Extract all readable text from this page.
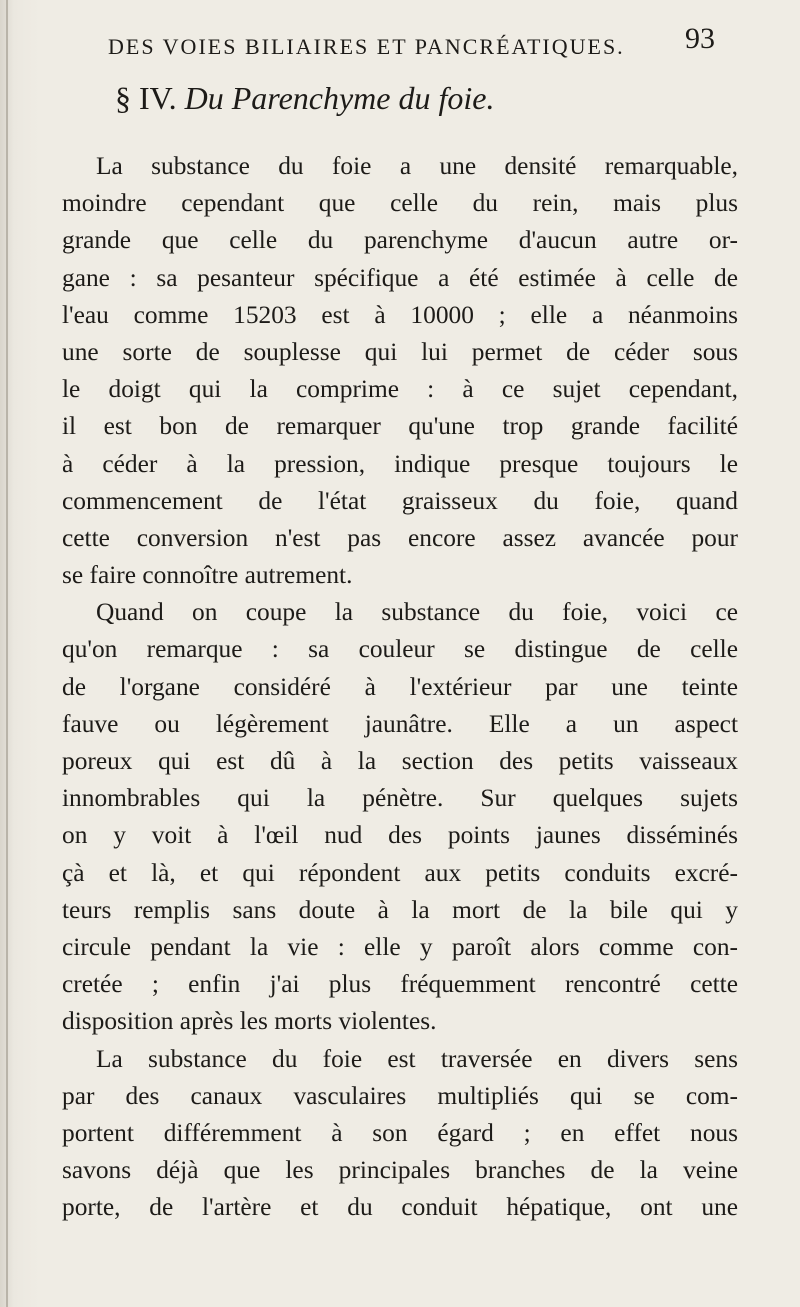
DES VOIES BILIAIRES ET PANCRÉATIQUES.	93
§ IV. Du Parenchyme du foie.
La substance du foie a une densité remarquable,
moindre cependant que celle du rein, mais plus
grande que celle du parenchyme d'aucun autre or-
gane : sa pesanteur spécifique a été estimée à celle de
l'eau comme 15203 est à 10000 ; elle a néanmoins
une sorte de souplesse qui lui permet de céder sous
le doigt qui la comprime : à ce sujet cependant,
il est bon de remarquer qu'une trop grande facilité
à céder à la pression, indique presque toujours le
commencement de l'état graisseux du foie, quand
cette conversion n'est pas encore assez avancée pour
se faire connoître autrement.
Quand on coupe la substance du foie, voici ce
qu'on remarque : sa couleur se distingue de celle
de l'organe considéré à l'extérieur par une teinte
fauve ou légèrement jaunâtre. Elle a un aspect
poreux qui est dû à la section des petits vaisseaux
innombrables qui la pénètre. Sur quelques sujets
on y voit à l'œil nud des points jaunes disséminés
çà et là, et qui répondent aux petits conduits excré-
teurs remplis sans doute à la mort de la bile qui y
circule pendant la vie : elle y paroît alors comme con-
cretée ; enfin j'ai plus fréquemment rencontré cette
disposition après les morts violentes.
La substance du foie est traversée en divers sens
par des canaux vasculaires multipliés qui se com-
portent différemment à son égard ; en effet nous
savons déjà que les principales branches de la veine
porte, de l'artère et du conduit hépatique, ont une
